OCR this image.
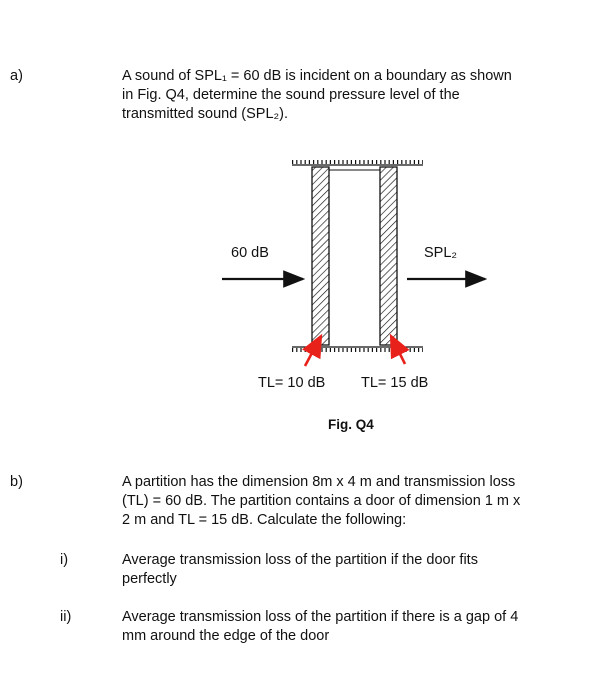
a)	A sound of SPL₁ = 60 dB is incident on a boundary as shown
in Fig. Q4, determine the sound pressure level of the
transmitted sound (SPL₂).
60 dB	SPL₂
TL= 10 dB TL= 15 dB
Fig. Q4
b)	A partition has the dimension 8m x 4 m and transmission loss
(TL) = 60 dB. The partition contains a door of dimension 1 m x
2 m and TL = 15 dB. Calculate the following:
i)	Average transmission loss of the partition if the door fits
perfectly
ii)	Average transmission loss of the partition if there is a gap of 4
mm around the edge of the door
